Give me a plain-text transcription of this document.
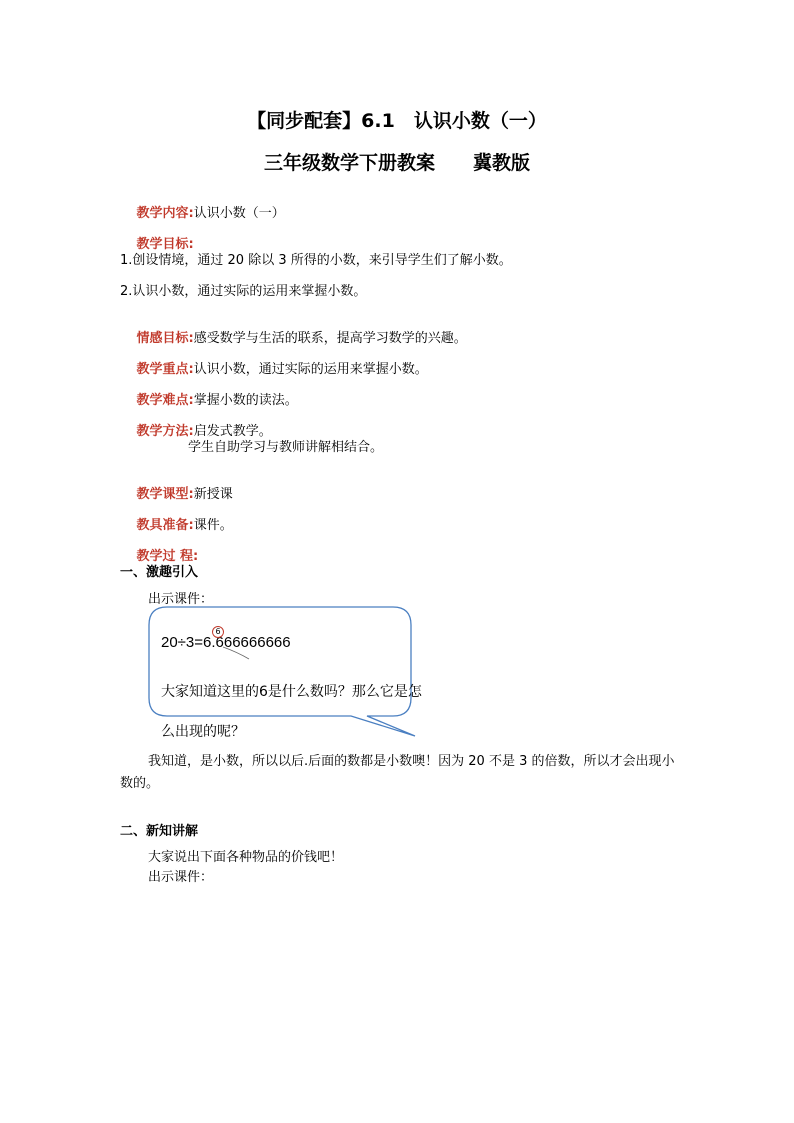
【同步配套】6.1　认识小数（一）
三年级数学下册教案　　冀教版

教学内容:认识小数（一）

教学目标:

1.创设情境，通过 20 除以 3 所得的小数，来引导学生们了解小数。
2.认识小数，通过实际的运用来掌握小数。

情感目标:感受数学与生活的联系，提高学习数学的兴趣。

教学重点:认识小数，通过实际的运用来掌握小数。

教学难点:掌握小数的读法。

教学方法:启发式教学。

学生自助学习与教师讲解相结合。

教学课型:新授课

教具准备:课件。

教学过 程:

一、激趣引入
出示课件：
20÷3=6.666666666
6
大家知道这里的6是什么数吗？那么它是怎
么出现的呢？
我知道，是小数，所以以后.后面的数都是小数噢！因为 20 不是 3 的倍数，所以才会出现小数的。
二、新知讲解
大家说出下面各种物品的价钱吧！
出示课件：
